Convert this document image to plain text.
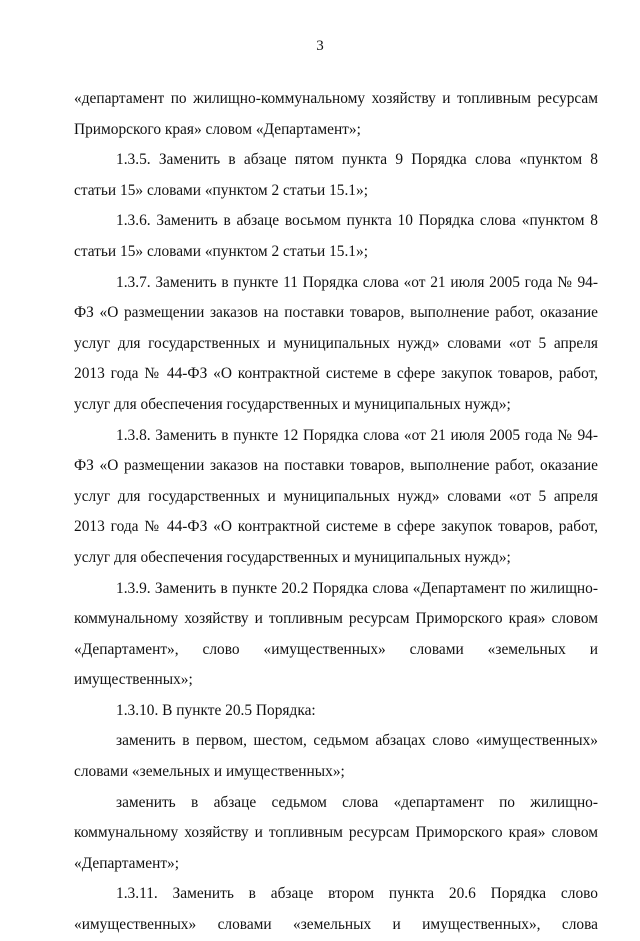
3

«департамент по жилищно-коммунальному хозяйству и топливным ресурсам Приморского края» словом «Департамент»;

1.3.5. Заменить в абзаце пятом пункта 9 Порядка слова «пунктом 8 статьи 15» словами «пунктом 2 статьи 15.1»;

1.3.6. Заменить в абзаце восьмом пункта 10 Порядка слова «пунктом 8 статьи 15» словами «пунктом 2 статьи 15.1»;

1.3.7. Заменить в пункте 11 Порядка слова «от 21 июля 2005 года № 94-ФЗ «О размещении заказов на поставки товаров, выполнение работ, оказание услуг для государственных и муниципальных нужд» словами «от 5 апреля 2013 года № 44-ФЗ «О контрактной системе в сфере закупок товаров, работ, услуг для обеспечения государственных и муниципальных нужд»;

1.3.8. Заменить в пункте 12 Порядка слова «от 21 июля 2005 года № 94-ФЗ «О размещении заказов на поставки товаров, выполнение работ, оказание услуг для государственных и муниципальных нужд» словами «от 5 апреля 2013 года № 44-ФЗ «О контрактной системе в сфере закупок товаров, работ, услуг для обеспечения государственных и муниципальных нужд»;

1.3.9. Заменить в пункте 20.2 Порядка слова «Департамент по жилищно-коммунальному хозяйству и топливным ресурсам Приморского края» словом «Департамент», слово «имущественных» словами «земельных и имущественных»;

1.3.10. В пункте 20.5 Порядка:

заменить в первом, шестом, седьмом абзацах слово «имущественных» словами «земельных и имущественных»;

заменить в абзаце седьмом слова «департамент по жилищно-коммунальному хозяйству и топливным ресурсам Приморского края» словом «Департамент»;

1.3.11. Заменить в абзаце втором пункта 20.6 Порядка слово «имущественных» словами «земельных и имущественных», слова
